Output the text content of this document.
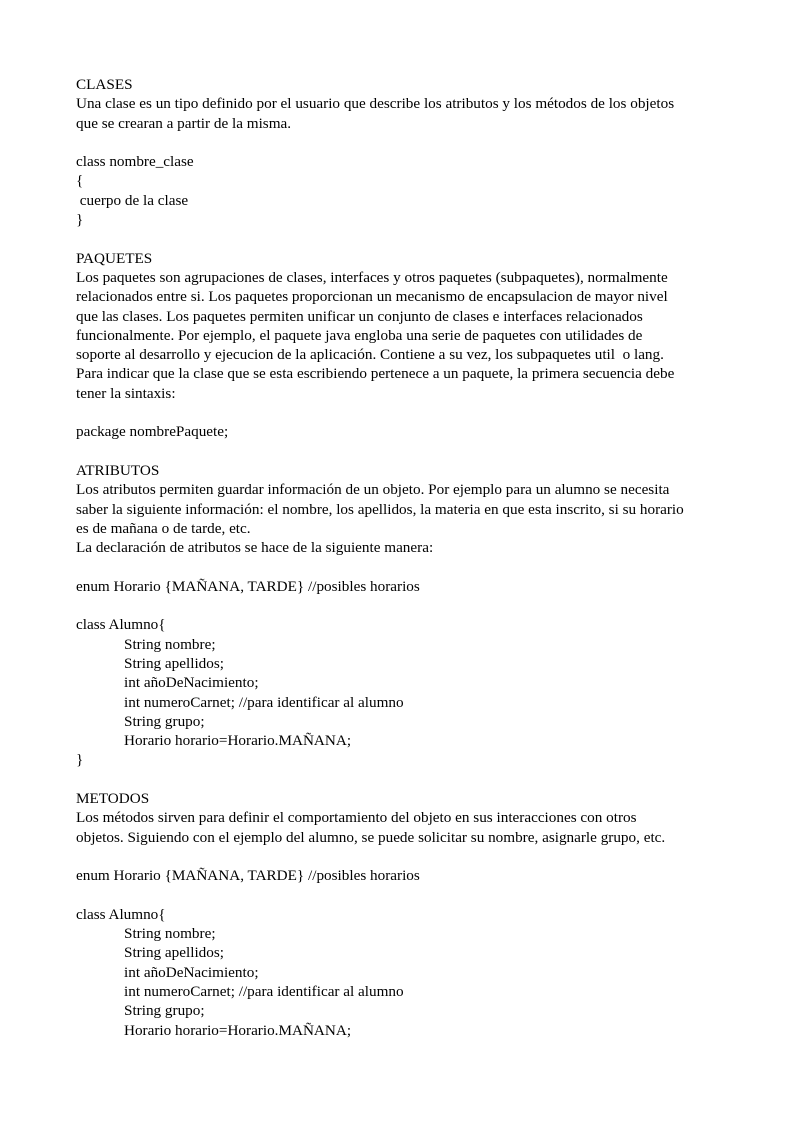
CLASES
Una clase es un tipo definido por el usuario que describe los atributos y los métodos de los objetos
que se crearan a partir de la misma.
class nombre_clase
{
cuerpo de la clase
}
PAQUETES
Los paquetes son agrupaciones de clases, interfaces y otros paquetes (subpaquetes), normalmente
relacionados entre si. Los paquetes proporcionan un mecanismo de encapsulacion de mayor nivel
que las clases. Los paquetes permiten unificar un conjunto de clases e interfaces relacionados
funcionalmente. Por ejemplo, el paquete java engloba una serie de paquetes con utilidades de
soporte al desarrollo y ejecucion de la aplicación. Contiene a su vez, los subpaquetes util  o lang.
Para indicar que la clase que se esta escribiendo pertenece a un paquete, la primera secuencia debe
tener la sintaxis:
package nombrePaquete;
ATRIBUTOS
Los atributos permiten guardar información de un objeto. Por ejemplo para un alumno se necesita
saber la siguiente información: el nombre, los apellidos, la materia en que esta inscrito, si su horario
es de mañana o de tarde, etc.
La declaración de atributos se hace de la siguiente manera:
enum Horario {MAÑANA, TARDE} //posibles horarios
class Alumno{
String nombre;
String apellidos;
int añoDeNacimiento;
int numeroCarnet; //para identificar al alumno
String grupo;
Horario horario=Horario.MAÑANA;
}
METODOS
Los métodos sirven para definir el comportamiento del objeto en sus interacciones con otros
objetos. Siguiendo con el ejemplo del alumno, se puede solicitar su nombre, asignarle grupo, etc.
enum Horario {MAÑANA, TARDE} //posibles horarios
class Alumno{
String nombre;
String apellidos;
int añoDeNacimiento;
int numeroCarnet; //para identificar al alumno
String grupo;
Horario horario=Horario.MAÑANA;
